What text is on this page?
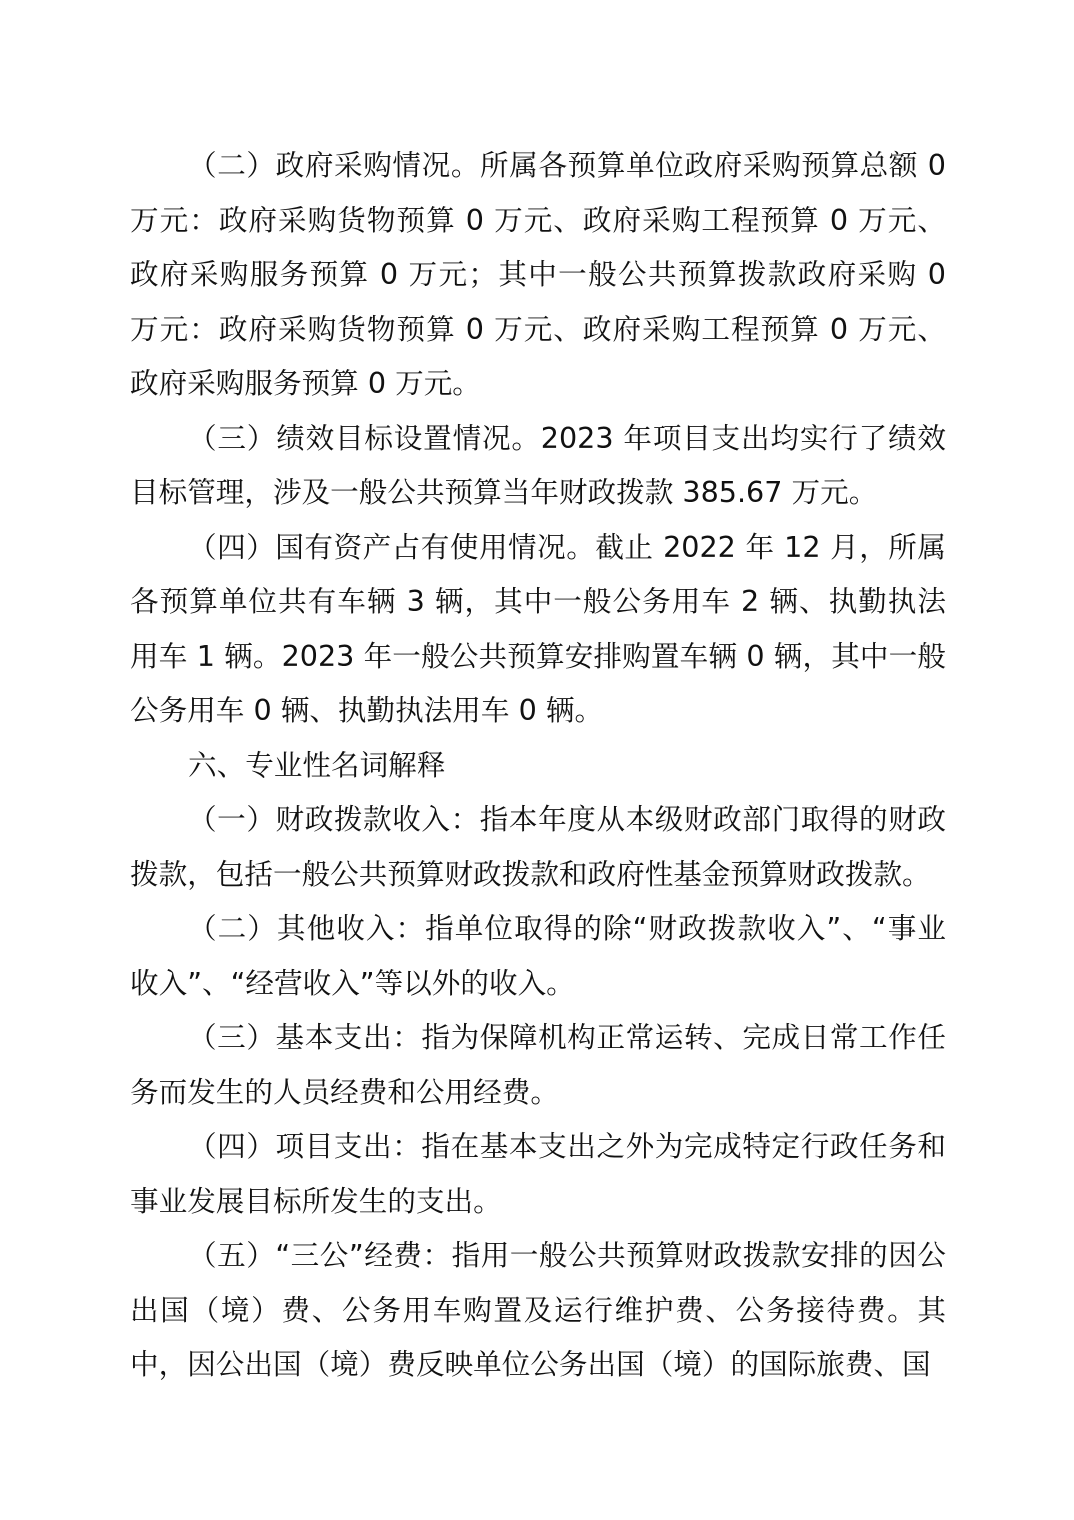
（二）政府采购情况。所属各预算单位政府采购预算总额 0 万元：政府采购货物预算 0 万元、政府采购工程预算 0 万元、政府采购服务预算 0 万元；其中一般公共预算拨款政府采购 0 万元：政府采购货物预算 0 万元、政府采购工程预算 0 万元、政府采购服务预算 0 万元。

（三）绩效目标设置情况。2023 年项目支出均实行了绩效目标管理，涉及一般公共预算当年财政拨款 385.67 万元。

（四）国有资产占有使用情况。截止 2022 年 12 月，所属各预算单位共有车辆 3 辆，其中一般公务用车 2 辆、执勤执法用车 1 辆。2023 年一般公共预算安排购置车辆 0 辆，其中一般公务用车 0 辆、执勤执法用车 0 辆。

六、专业性名词解释

（一）财政拨款收入：指本年度从本级财政部门取得的财政拨款，包括一般公共预算财政拨款和政府性基金预算财政拨款。

（二）其他收入：指单位取得的除“财政拨款收入”、“事业收入”、“经营收入”等以外的收入。

（三）基本支出：指为保障机构正常运转、完成日常工作任务而发生的人员经费和公用经费。

（四）项目支出：指在基本支出之外为完成特定行政任务和事业发展目标所发生的支出。

（五）“三公”经费：指用一般公共预算财政拨款安排的因公出国（境）费、公务用车购置及运行维护费、公务接待费。其中，因公出国（境）费反映单位公务出国（境）的国际旅费、国
